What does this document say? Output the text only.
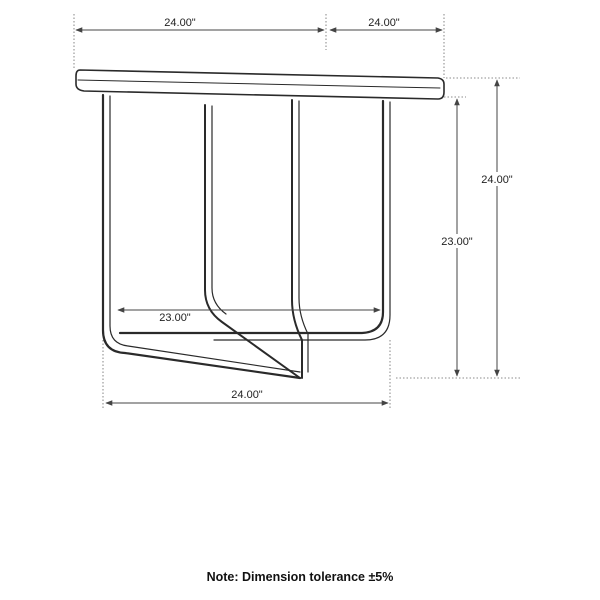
24.00"	24.00"
24.00"
23.00"
23.00"
24.00"
Note: Dimension tolerance ±5%
